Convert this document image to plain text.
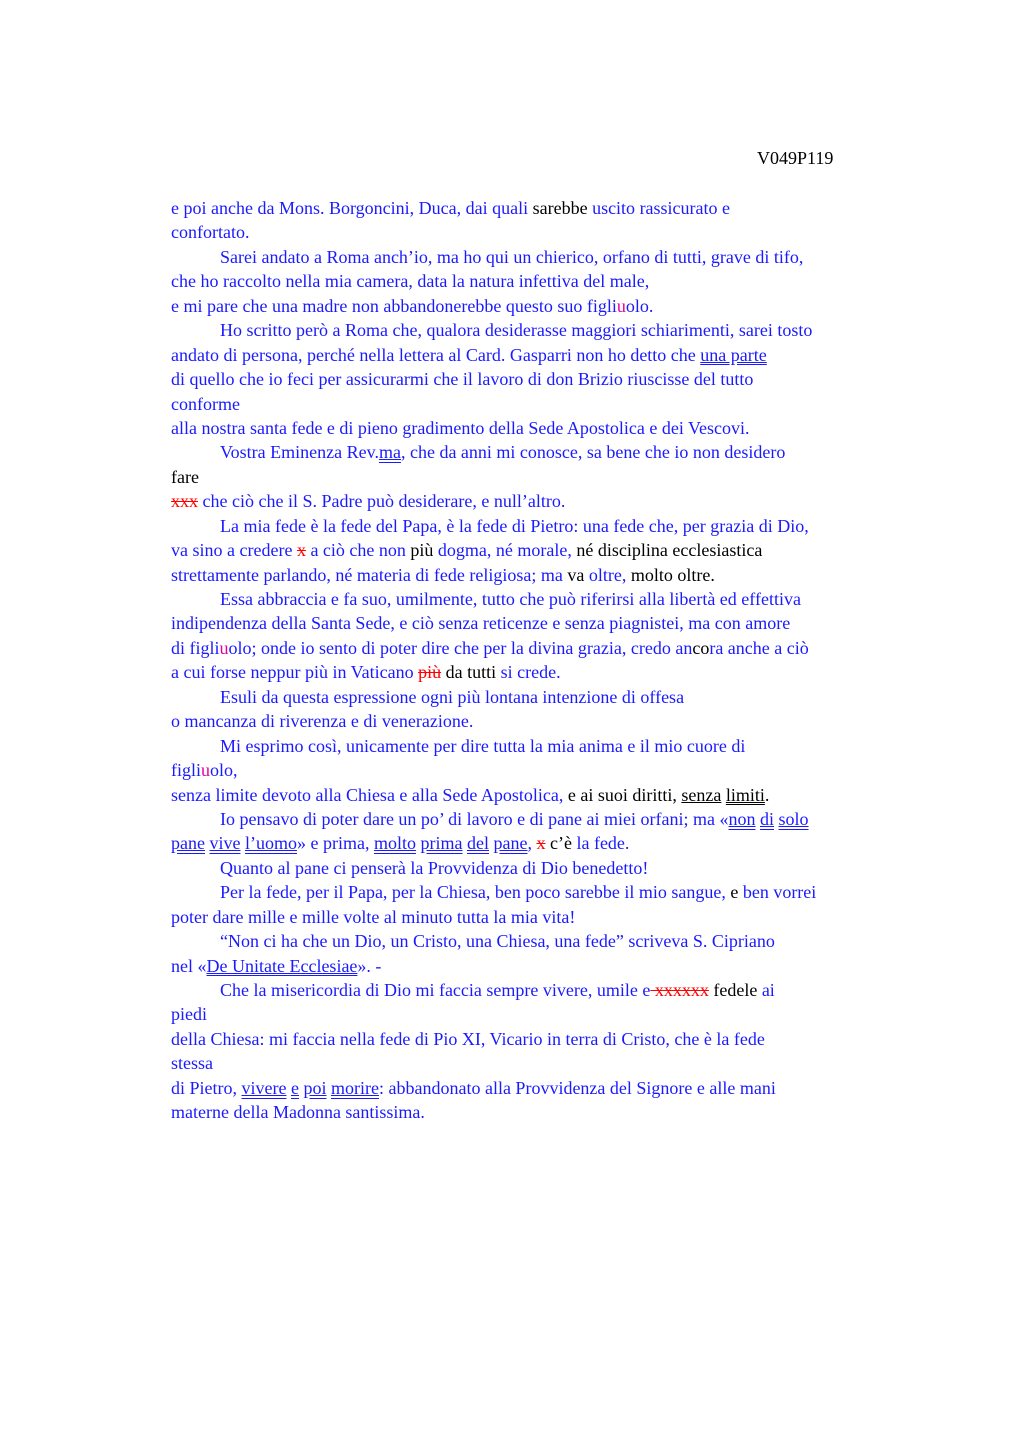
V049P119
e poi anche da Mons. Borgoncini, Duca, dai quali sarebbe uscito rassicurato e
confortato.
Sarei andato a Roma anch’io, ma ho qui un chierico, orfano di tutti, grave di tifo,
che ho raccolto nella mia camera, data la natura infettiva del male,
e mi pare che una madre non abbandonerebbe questo suo figliuolo.
Ho scritto però a Roma che, qualora desiderasse maggiori schiarimenti, sarei tosto
andato di persona, perché nella lettera al Card. Gasparri non ho detto che una parte
di quello che io feci per assicurarmi che il lavoro di don Brizio riuscisse del tutto
conforme
alla nostra santa fede e di pieno gradimento della Sede Apostolica e dei Vescovi.
Vostra Eminenza Rev.ma, che da anni mi conosce, sa bene che io non desidero
fare
xxx che ciò che il S. Padre può desiderare, e null’altro.
La mia fede è la fede del Papa, è la fede di Pietro: una fede che, per grazia di Dio,
va sino a credere x a ciò che non più dogma, né morale, né disciplina ecclesiastica
strettamente parlando, né materia di fede religiosa; ma va oltre, molto oltre.
Essa abbraccia e fa suo, umilmente, tutto che può riferirsi alla libertà ed effettiva
indipendenza della Santa Sede, e ciò senza reticenze e senza piagnistei, ma con amore
di figliuolo; onde io sento di poter dire che per la divina grazia, credo ancora anche a ciò
a cui forse neppur più in Vaticano più da tutti si crede.
Esuli da questa espressione ogni più lontana intenzione di offesa
o mancanza di riverenza e di venerazione.
Mi esprimo così, unicamente per dire tutta la mia anima e il mio cuore di
figliuolo,
senza limite devoto alla Chiesa e alla Sede Apostolica, e ai suoi diritti, senza limiti.
Io pensavo di poter dare un po’ di lavoro e di pane ai miei orfani; ma «non di solo
pane vive l’uomo» e prima, molto prima del pane, x c’è la fede.
Quanto al pane ci penserà la Provvidenza di Dio benedetto!
Per la fede, per il Papa, per la Chiesa, ben poco sarebbe il mio sangue, e ben vorrei
poter dare mille e mille volte al minuto tutta la mia vita!
“Non ci ha che un Dio, un Cristo, una Chiesa, una fede” scriveva S. Cipriano
nel «De Unitate Ecclesiae». -
Che la misericordia di Dio mi faccia sempre vivere, umile e xxxxxx fedele ai
piedi
della Chiesa: mi faccia nella fede di Pio XI, Vicario in terra di Cristo, che è la fede
stessa
di Pietro, vivere e poi morire: abbandonato alla Provvidenza del Signore e alle mani
materne della Madonna santissima.
